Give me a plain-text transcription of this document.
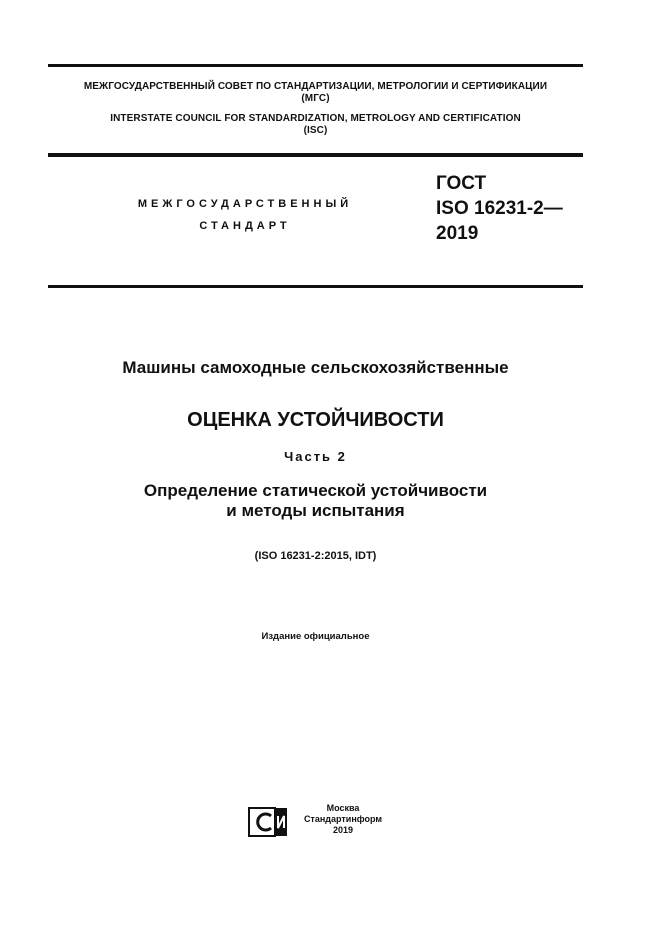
МЕЖГОСУДАРСТВЕННЫЙ СОВЕТ ПО СТАНДАРТИЗАЦИИ, МЕТРОЛОГИИ И СЕРТИФИКАЦИИ
(МГС)
INTERSTATE COUNCIL FOR STANDARDIZATION, METROLOGY AND CERTIFICATION
(ISC)
МЕЖГОСУДАРСТВЕННЫЙ
СТАНДАРТ
ГОСТ
ISO 16231-2—
2019
Машины самоходные сельскохозяйственные
ОЦЕНКА УСТОЙЧИВОСТИ
Часть 2
Определение статической устойчивости
и методы испытания
(ISO 16231-2:2015, IDT)
Издание официальное
Москва
Стандартинформ
2019
